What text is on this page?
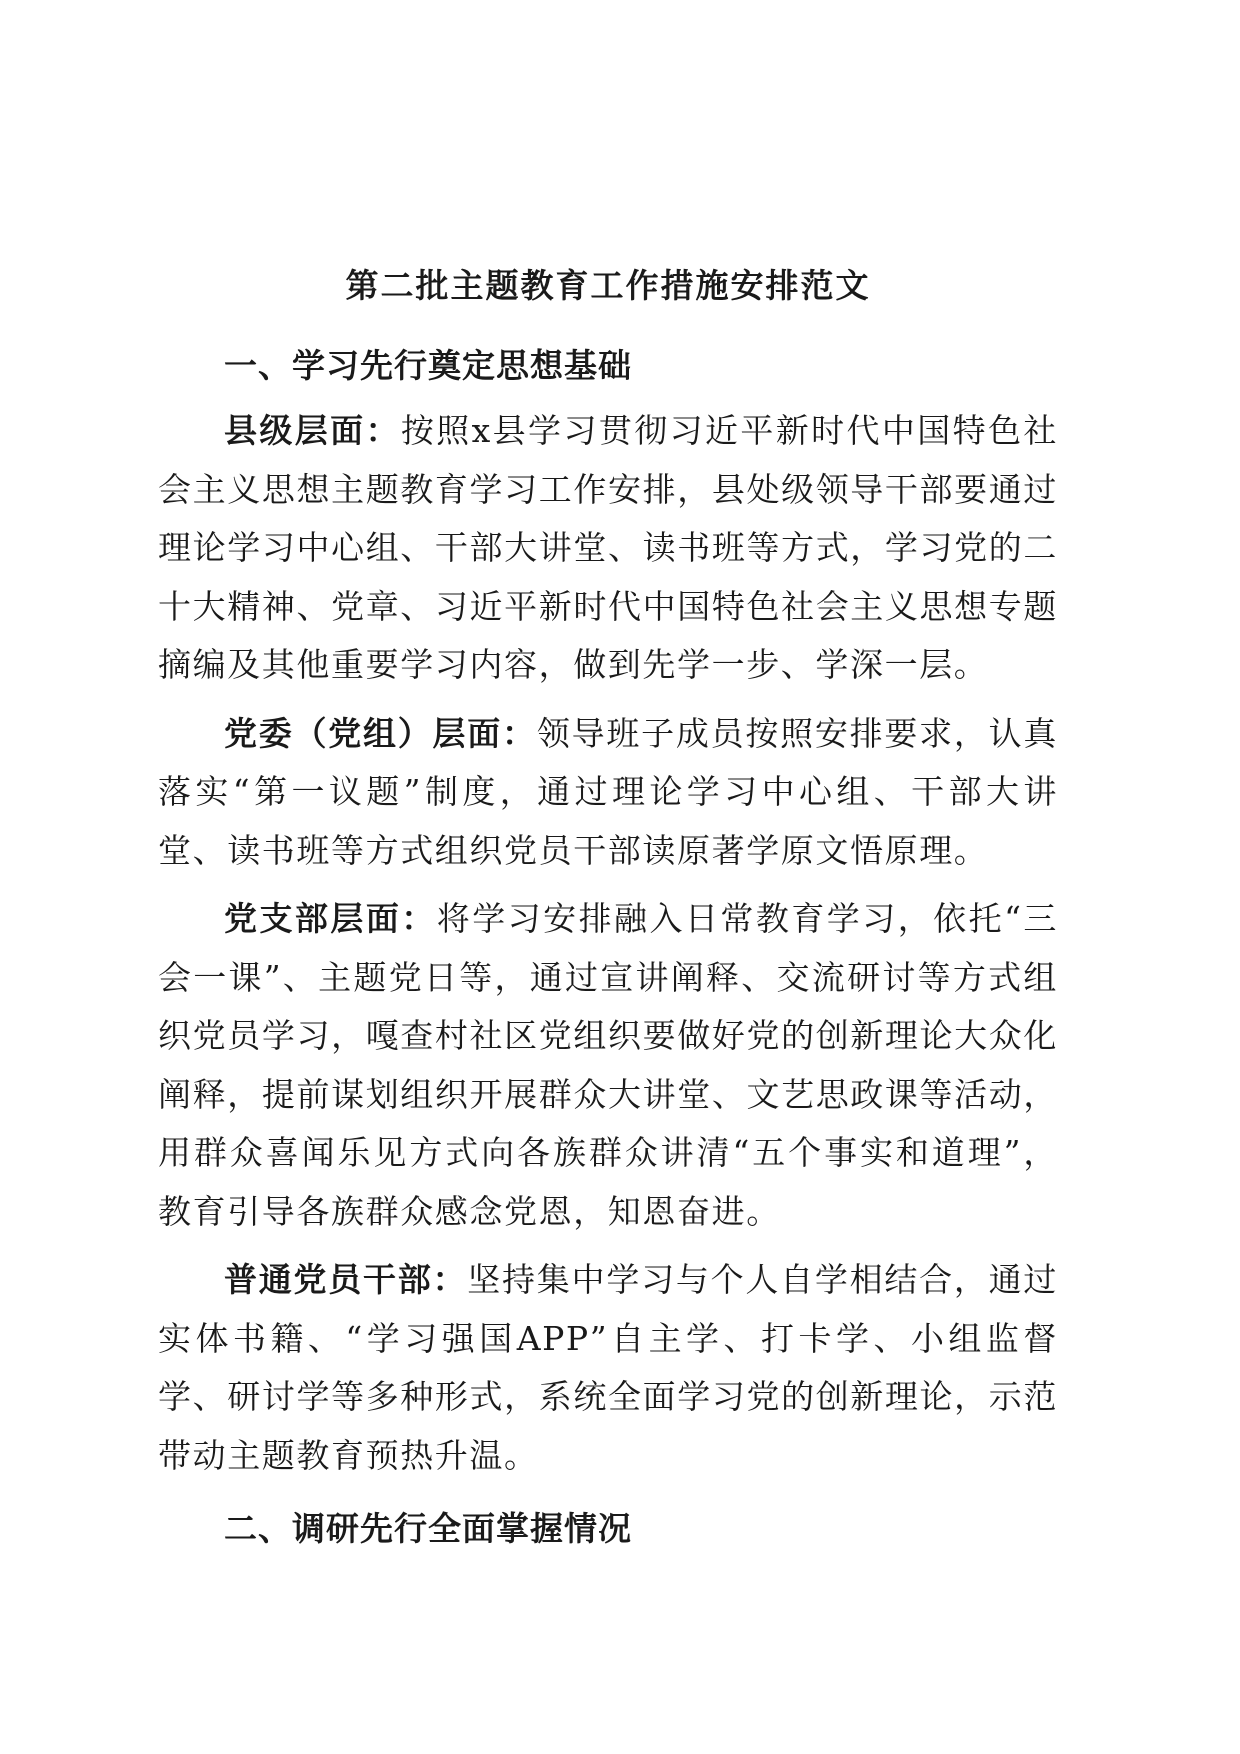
第二批主题教育工作措施安排范文
一、学习先行奠定思想基础

县级层面：按照x县学习贯彻习近平新时代中国特色社会主义思想主题教育学习工作安排，县处级领导干部要通过理论学习中心组、干部大讲堂、读书班等方式，学习党的二十大精神、党章、习近平新时代中国特色社会主义思想专题摘编及其他重要学习内容，做到先学一步、学深一层。

党委（党组）层面：领导班子成员按照安排要求，认真落实“第一议题”制度，通过理论学习中心组、干部大讲堂、读书班等方式组织党员干部读原著学原文悟原理。

党支部层面：将学习安排融入日常教育学习，依托“三会一课”、主题党日等，通过宣讲阐释、交流研讨等方式组织党员学习，嘎查村社区党组织要做好党的创新理论大众化阐释，提前谋划组织开展群众大讲堂、文艺思政课等活动，用群众喜闻乐见方式向各族群众讲清“五个事实和道理”，教育引导各族群众感念党恩，知恩奋进。

普通党员干部：坚持集中学习与个人自学相结合，通过实体书籍、“学习强国APP”自主学、打卡学、小组监督学、研讨学等多种形式，系统全面学习党的创新理论，示范带动主题教育预热升温。

二、调研先行全面掌握情况
